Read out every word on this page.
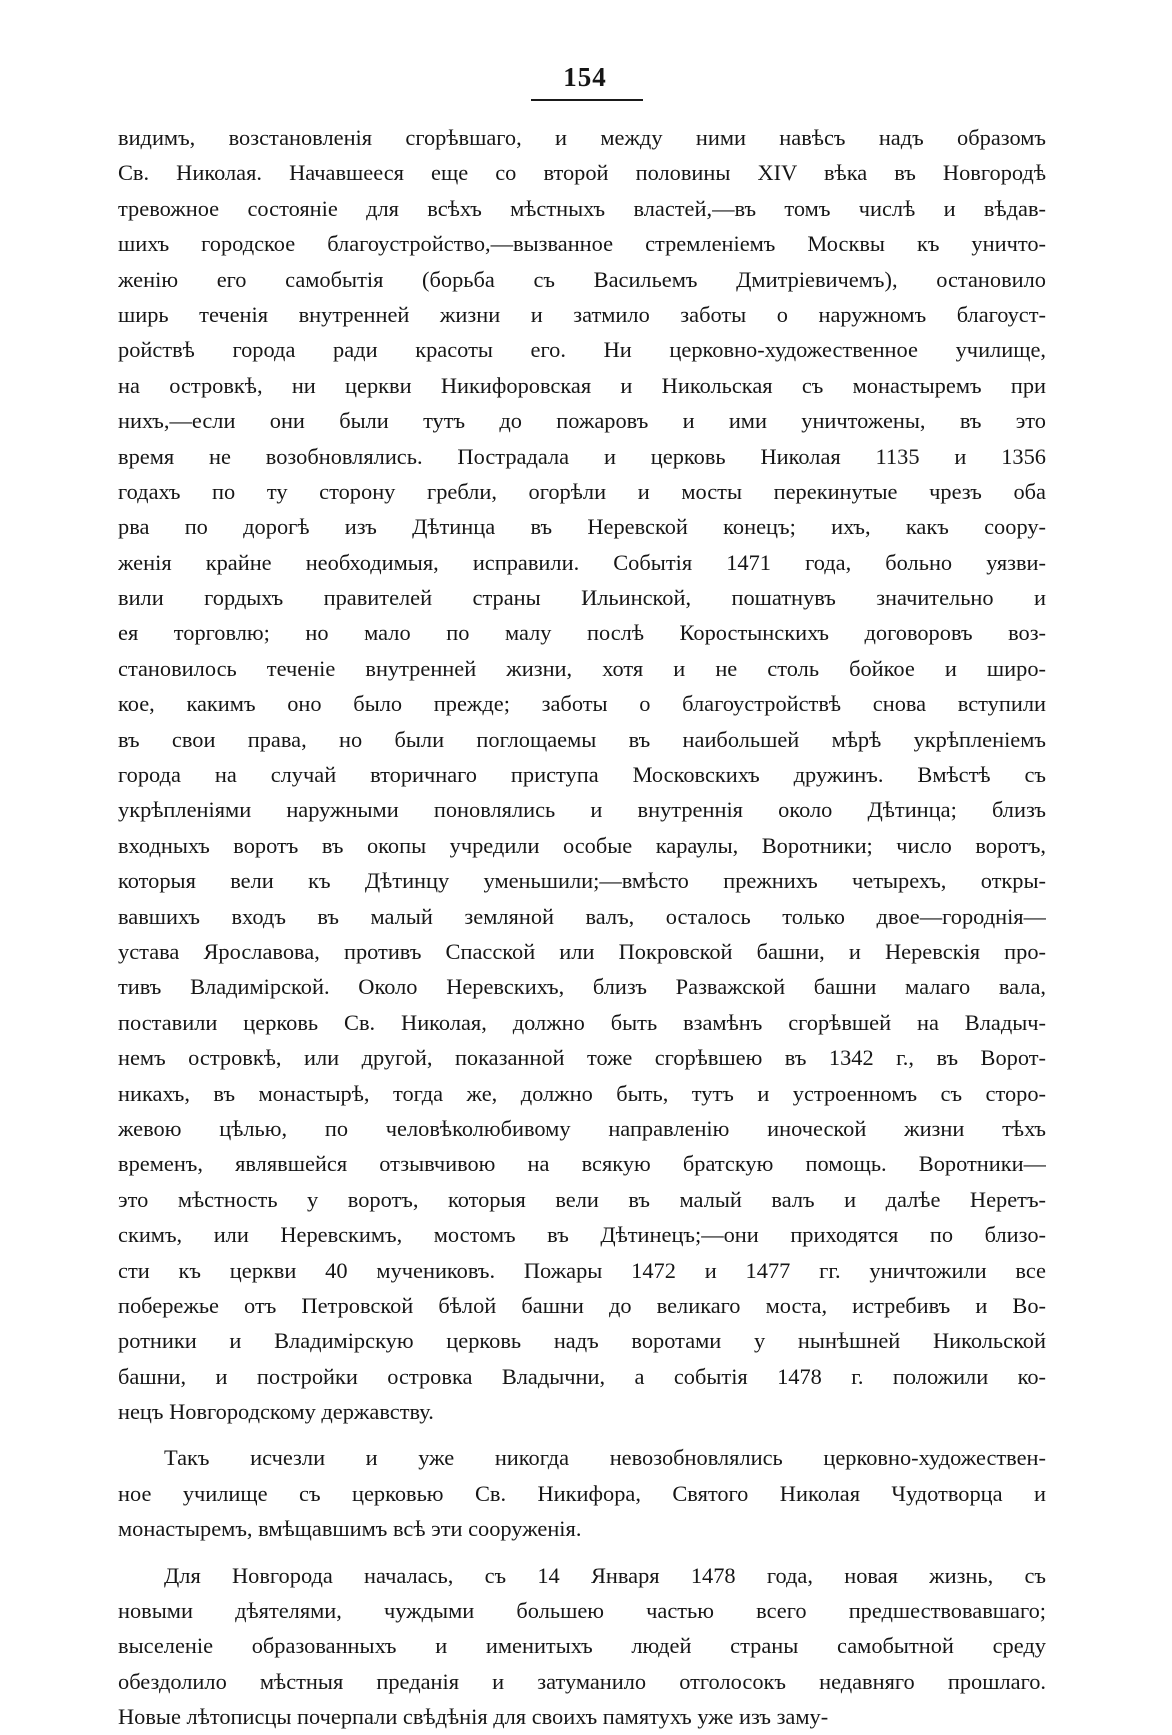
154
видимъ, возстановленія сгорѣвшаго, и между ними навѣсъ надъ образомъ
Св. Николая. Начавшееся еще со второй половины XIV вѣка въ Новгородѣ
тревожное состояніе для всѣхъ мѣстныхъ властей,—въ томъ числѣ и вѣдав-
шихъ городское благоустройство,—вызванное стремленіемъ Москвы къ уничто-
женію его самобытія (борьба съ Васильемъ Дмитріевичемъ), остановило
ширь теченія внутренней жизни и затмило заботы о наружномъ благоуст-
ройствѣ города ради красоты его. Ни церковно-художественное училище,
на островкѣ, ни церкви Никифоровская и Никольская съ монастыремъ при
нихъ,—если они были тутъ до пожаровъ и ими уничтожены, въ это
время не возобновлялись. Пострадала и церковь Николая 1135 и 1356
годахъ по ту сторону гребли, огорѣли и мосты перекинутые чрезъ оба
рва по дорогѣ изъ Дѣтинца въ Неревской конецъ; ихъ, какъ соору-
женія крайне необходимыя, исправили. Событія 1471 года, больно уязви-
вили гордыхъ правителей страны Ильинской, пошатнувъ значительно и
ея торговлю; но мало по малу послѣ Коростынскихъ договоровъ воз-
становилось теченіе внутренней жизни, хотя и не столь бойкое и широ-
кое, какимъ оно было прежде; заботы о благоустройствѣ снова вступили
въ свои права, но были поглощаемы въ наибольшей мѣрѣ укрѣпленіемъ
города на случай вторичнаго приступа Московскихъ дружинъ. Вмѣстѣ съ
укрѣпленіями наружными поновлялись и внутреннія около Дѣтинца; близъ
входныхъ воротъ въ окопы учредили особые караулы, Воротники; число воротъ,
которыя вели къ Дѣтинцу уменьшили;—вмѣсто прежнихъ четырехъ, откры-
вавшихъ входъ въ малый земляной валъ, осталось только двое—городнія—
устава Ярославова, противъ Спасской или Покровской башни, и Неревскія про-
тивъ Владимірской. Около Неревскихъ, близъ Разважской башни малаго вала,
поставили церковь Св. Николая, должно быть взамѣнъ сгорѣвшей на Владыч-
немъ островкѣ, или другой, показанной тоже сгорѣвшею въ 1342 г., въ Ворот-
никахъ, въ монастырѣ, тогда же, должно быть, тутъ и устроенномъ съ сторо-
жевою цѣлью, по человѣколюбивому направленію иноческой жизни тѣхъ
временъ, являвшейся отзывчивою на всякую братскую помощь. Воротники—
это мѣстность у воротъ, которыя вели въ малый валъ и далѣе Неретъ-
скимъ, или Неревскимъ, мостомъ въ Дѣтинецъ;—они приходятся по близо-
сти къ церкви 40 мучениковъ. Пожары 1472 и 1477 гг. уничтожили все
побережье отъ Петровской бѣлой башни до великаго моста, истребивъ и Во-
ротники и Владимірскую церковь надъ воротами у нынѣшней Никольской
башни, и постройки островка Владычни, а событія 1478 г. положили ко-
нецъ Новгородскому державству.
Такъ исчезли и уже никогда невозобновлялись церковно-художествен-
ное училище съ церковью Св. Никифора, Святого Николая Чудотворца и
монастыремъ, вмѣщавшимъ всѣ эти сооруженія.
Для Новгорода началась, съ 14 Января 1478 года, новая жизнь, съ
новыми дѣятелями, чуждыми большею частью всего предшествовавшаго;
выселеніе образованныхъ и именитыхъ людей страны самобытной среду
обездолило мѣстныя преданія и затуманило отголосокъ недавняго прошлаго.
Новые лѣтописцы почерпали свѣдѣнія для своихъ памятухъ уже изъ заму-
